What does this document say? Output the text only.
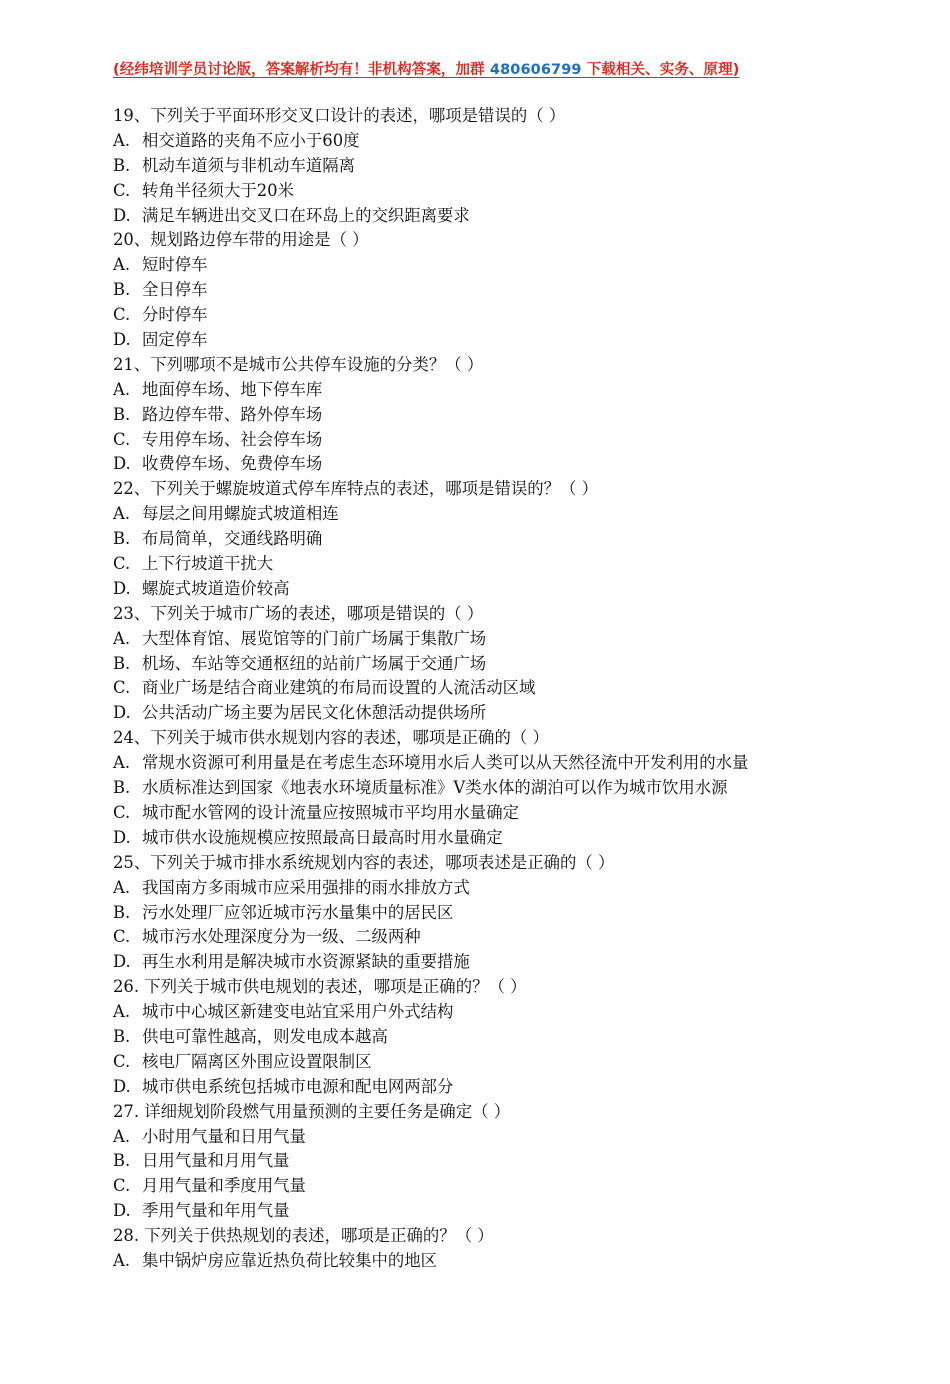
(经纬培训学员讨论版，答案解析均有！非机构答案，加群 480606799 下载相关、实务、原理)
19、下列关于平面环形交叉口设计的表述，哪项是错误的（ ）
A. 相交道路的夹角不应小于60度
B. 机动车道须与非机动车道隔离
C. 转角半径须大于20米
D. 满足车辆进出交叉口在环岛上的交织距离要求
20、规划路边停车带的用途是（ ）
A. 短时停车
B. 全日停车
C. 分时停车
D. 固定停车
21、下列哪项不是城市公共停车设施的分类？（ ）
A. 地面停车场、地下停车库
B. 路边停车带、路外停车场
C. 专用停车场、社会停车场
D. 收费停车场、免费停车场
22、下列关于螺旋坡道式停车库特点的表述，哪项是错误的？（ ）
A. 每层之间用螺旋式坡道相连
B. 布局简单，交通线路明确
C. 上下行坡道干扰大
D. 螺旋式坡道造价较高
23、下列关于城市广场的表述，哪项是错误的（ ）
A. 大型体育馆、展览馆等的门前广场属于集散广场
B. 机场、车站等交通枢纽的站前广场属于交通广场
C. 商业广场是结合商业建筑的布局而设置的人流活动区域
D. 公共活动广场主要为居民文化休憩活动提供场所
24、下列关于城市供水规划内容的表述，哪项是正确的（ ）
A. 常规水资源可利用量是在考虑生态环境用水后人类可以从天然径流中开发利用的水量
B. 水质标准达到国家《地表水环境质量标准》V类水体的湖泊可以作为城市饮用水源
C. 城市配水管网的设计流量应按照城市平均用水量确定
D. 城市供水设施规模应按照最高日最高时用水量确定
25、下列关于城市排水系统规划内容的表述，哪项表述是正确的（ ）
A. 我国南方多雨城市应采用强排的雨水排放方式
B. 污水处理厂应邻近城市污水量集中的居民区
C. 城市污水处理深度分为一级、二级两种
D. 再生水利用是解决城市水资源紧缺的重要措施
26. 下列关于城市供电规划的表述，哪项是正确的？（ ）
A. 城市中心城区新建变电站宜采用户外式结构
B. 供电可靠性越高，则发电成本越高
C. 核电厂隔离区外围应设置限制区
D. 城市供电系统包括城市电源和配电网两部分
27. 详细规划阶段燃气用量预测的主要任务是确定（ ）
A. 小时用气量和日用气量
B. 日用气量和月用气量
C. 月用气量和季度用气量
D. 季用气量和年用气量
28. 下列关于供热规划的表述，哪项是正确的？（ ）
A. 集中锅炉房应靠近热负荷比较集中的地区
